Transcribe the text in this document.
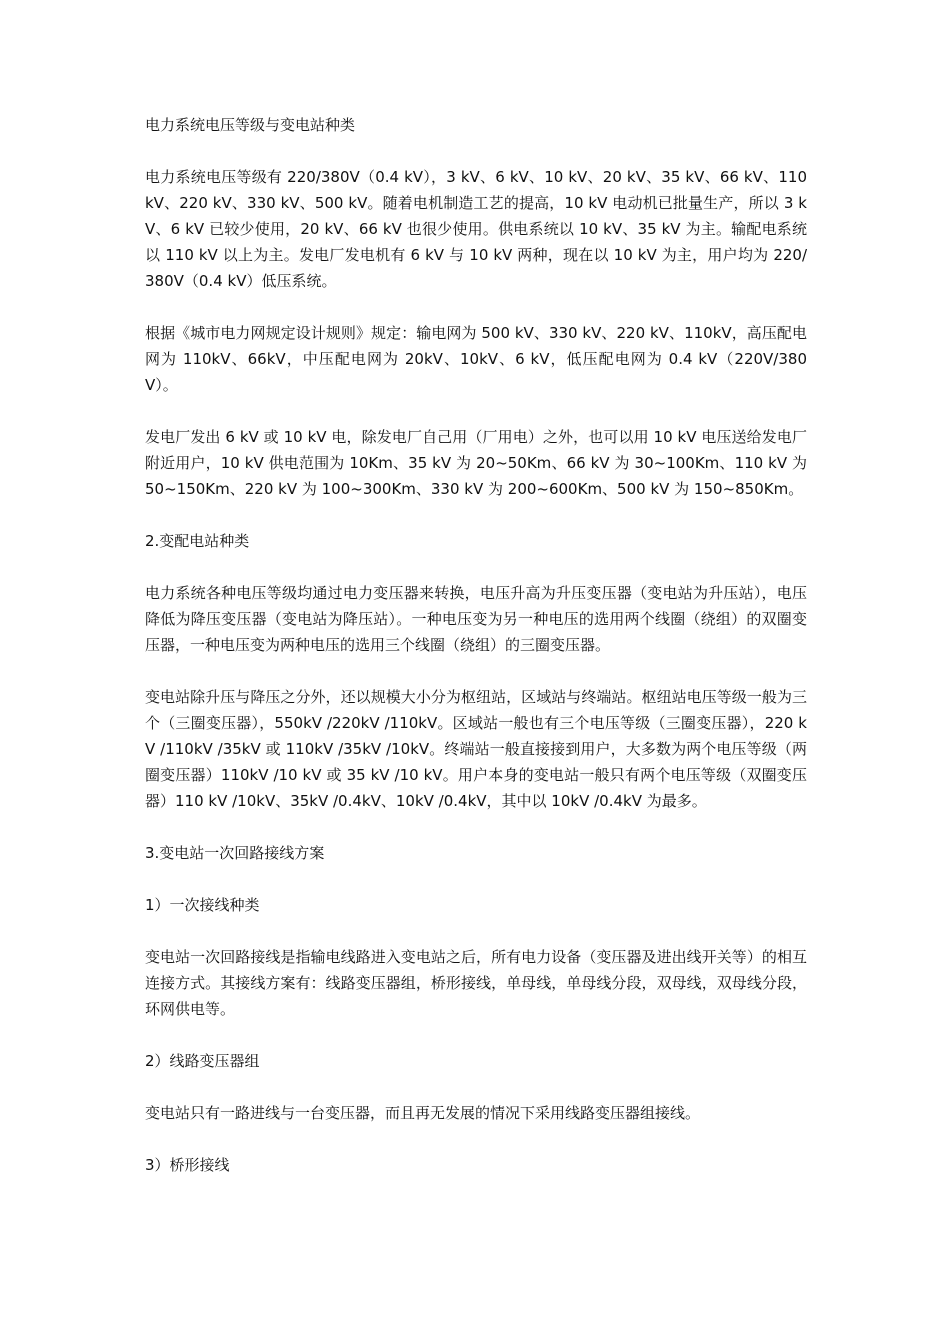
电力系统电压等级与变电站种类

电力系统电压等级有 220/380V（0.4 kV），3 kV、6 kV、10 kV、20 kV、35 kV、66 kV、110 kV、220 kV、330 kV、500 kV。随着电机制造工艺的提高，10 kV 电动机已批量生产，所以 3 kV、6 kV 已较少使用，20 kV、66 kV 也很少使用。供电系统以 10 kV、35 kV 为主。输配电系统以 110 kV 以上为主。发电厂发电机有 6 kV 与 10 kV 两种，现在以 10 kV 为主，用户均为 220/380V（0.4 kV）低压系统。

根据《城市电力网规定设计规则》规定：输电网为 500 kV、330 kV、220 kV、110kV，高压配电网为 110kV、66kV，中压配电网为 20kV、10kV、6 kV，低压配电网为 0.4 kV（220V/380V）。

发电厂发出 6 kV 或 10 kV 电，除发电厂自己用（厂用电）之外，也可以用 10 kV 电压送给发电厂附近用户，10 kV 供电范围为 10Km、35 kV 为 20~50Km、66 kV 为 30~100Km、110 kV 为 50~150Km、220 kV 为 100~300Km、330 kV 为 200~600Km、500 kV 为 150~850Km。

2.变配电站种类

电力系统各种电压等级均通过电力变压器来转换，电压升高为升压变压器（变电站为升压站），电压降低为降压变压器（变电站为降压站）。一种电压变为另一种电压的选用两个线圈（绕组）的双圈变压器，一种电压变为两种电压的选用三个线圈（绕组）的三圈变压器。

变电站除升压与降压之分外，还以规模大小分为枢纽站，区域站与终端站。枢纽站电压等级一般为三个（三圈变压器），550kV /220kV /110kV。区域站一般也有三个电压等级（三圈变压器），220 kV /110kV /35kV 或 110kV /35kV /10kV。终端站一般直接接到用户，大多数为两个电压等级（两圈变压器）110kV /10 kV 或 35 kV /10 kV。用户本身的变电站一般只有两个电压等级（双圈变压器）110 kV /10kV、35kV /0.4kV、10kV /0.4kV，其中以 10kV /0.4kV 为最多。

3.变电站一次回路接线方案

1）一次接线种类

变电站一次回路接线是指输电线路进入变电站之后，所有电力设备（变压器及进出线开关等）的相互连接方式。其接线方案有：线路变压器组，桥形接线，单母线，单母线分段，双母线，双母线分段，环网供电等。

2）线路变压器组

变电站只有一路进线与一台变压器，而且再无发展的情况下采用线路变压器组接线。

3）桥形接线
